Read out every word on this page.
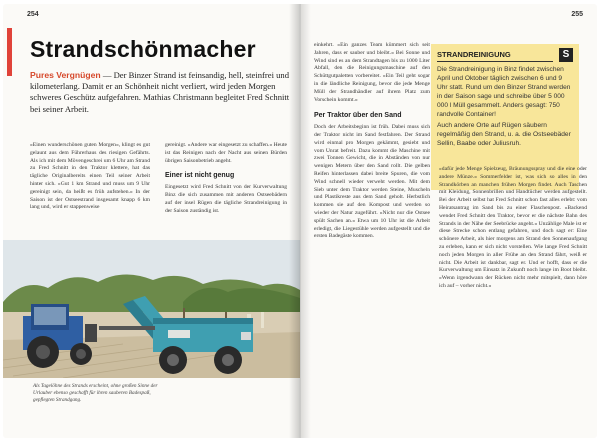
254
Strandschönmacher
Pures Vergnügen — Der Binzer Strand ist feinsandig, hell, steinfrei und kilometerlang. Damit er an Schönheit nicht verliert, wird jeden Morgen schweres Geschütz aufgefahren. Mathias Christmann begleitet Fred Schnitt bei seiner Arbeit.

»Einen wunderschönen guten Morgen«, klingt es gut gelaunt aus dem Führerhaus des riesigen Gefährts. Als ich mit dem Mövengeschrei um 6 Uhr am Strand zu Fred Schnitt in den Traktor klettere, hat das tägliche Originalbereits einen Teil seiner Arbeit hinter sich. »Gut 1 km Strand und muss um 9 Uhr gereinigt sein, da heißt es früh aufstehen.« In der Saison ist der Ostseestrand insgesamt knapp 6 km lang und, wird er stappenweise

gereinigt. »Andere war eingesetzt zu schaffen.« Heute ist das Reinigen nach der Nacht aus seinen Bürden übrigen Saisonbetrieb angeht.

Einer ist nicht genug

Eingesetzt wird Fred Schnitt von der Kurverwaltung Binz die sich zusammen mit anderen Ostseebädern auf der insel Rügen die tägliche Strandreinigung in der Saison zuständig ist.

Als Tagelöhne des Strands erscheint, ohne großen Sinne der Urlauber ebenso geschafft für ihren sauberen Badespaß, gepflegten Strandgang.
255

einkehrt. »Ein ganzes Team kümmert sich seit Jahren, dass er sauber und bleibt.« Bei Sonne und Wind sind es an dem Strandtagen bis zu 1000 Liter Abfall, den die Reinigungsmaschine auf den Schüttgutpaletten vorbereitet. »Ein Teil geht sogar in die ländliche Reinigung, bevor die jede Menge Müll der Strandhändler auf ihrem Platz zum Vorschein kommt.«

Per Traktor über den Sand

Doch der Arbeitsbeginn ist früh. Dabei muss sich der Traktor nicht im Sand festfahren. Der Strand wird einmal pro Morgen gekämmt, gesiebt und vom Unrat befreit. Dazu kommt die Maschine mit zwei Tonnen Gewicht, die in Abständen von nur wenigen Metern über den Sand rollt. Die gelben Reifen hinterlassen dabei breite Spuren, die vom Wind schnell wieder verweht werden. Mit dem Sieb unter dem Traktor werden Steine, Muscheln und Plastikreste aus dem Sand geholt. Herbstlich kommen sie auf den Kompost und werden so wieder der Natur zugeführt. »Nicht nur die Ostsee spült Sachen an.« Etwa um 10 Uhr ist die Arbeit erledigt, die Liegestühle werden aufgestellt und die ersten Badegäste kommen.

STRANDREINIGUNG	S

Die Strandreinigung in Binz findet zwischen April und Oktober täglich zwischen 6 und 9 Uhr statt. Rund um den Binzer Strand werden in der Saison sage und schreibe über 5 000 000 l Müll gesammelt. Anders gesagt: 750 randvolle Container!

Auch andere Orte auf Rügen säubern regelmäßig den Strand, u. a. die Ostseebäder Sellin, Baabe oder Juliusruh.

»dafür jede Menge Spielzeug, Bräunungsspray und die eine oder andere Münze.« Sommerfelder ist, was sich so alles in den Strandkörben an manchen frühen Morgen findet. Auch Taschen mit Kleidung, Sonnenbrillen und Handtücher werden aufgestellt. Bei der Arbeit selbst hat Fred Schnitt schon fast alles erlebt: vom Heiratsantrag im Sand bis zu einer Flaschenpost. »Backend wendet Fred Schnitt den Traktor, bevor er die nächste Bahn des Strands in der Nähe der Seebrücke angeht.« Unzählige Male ist er diese Strecke schon entlang gefahren, und doch sagt er: Eine schönere Arbeit, als hier morgens am Strand den Sonnenaufgang zu erleben, kann er sich nicht vorstellen. Wie lange Fred Schnitt noch jeden Morgen in aller Frühe an den Strand fährt, weiß er nicht. Die Arbeit ist dankbar, sagt er. Und er hofft, dass er die Kurverwaltung um Einsatz in Zukunft noch lange im Boot bleibt. »Wenn irgendwann der Rücken nicht mehr mitspielt, dann höre ich auf – vorher nicht.«
